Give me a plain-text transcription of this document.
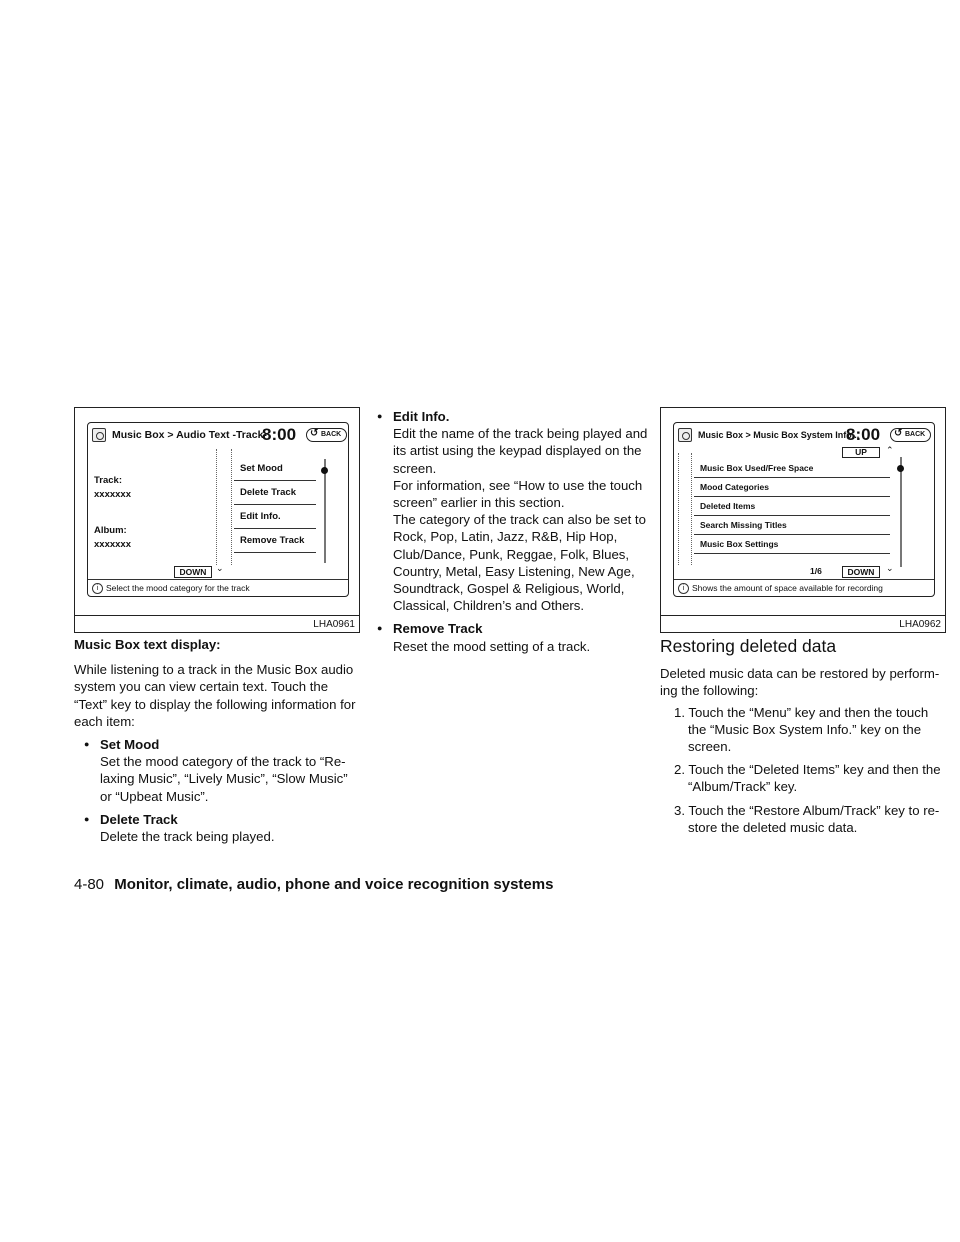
Music Box > Audio Text -Track-
8:00	↺ BACK
Track:
xxxxxxx
Album:
xxxxxxx
Set Mood
Delete Track
Edit Info.
Remove Track
DOWN	⌄
i Select the mood category for the track
LHA0961
Music Box > Music Box System Info...
8:00	↺ BACK
UP	⌃
Music Box Used/Free Space
Mood Categories
Deleted Items
Search Missing Titles
Music Box Settings
1/6	DOWN	⌄
i Shows the amount of space available for recording
LHA0962
Music Box text display:
While listening to a track in the Music Box audio system you can view certain text. Touch the “Text” key to display the following information for each item:
● Set Mood
Set the mood category of the track to “Re-laxing Music”, “Lively Music”, “Slow Music” or “Upbeat Music”.
● Delete Track
Delete the track being played.
● Edit Info.
Edit the name of the track being played and its artist using the keypad displayed on the screen.
For information, see “How to use the touch screen” earlier in this section.
The category of the track can also be set to Rock, Pop, Latin, Jazz, R&B, Hip Hop, Club/Dance, Punk, Reggae, Folk, Blues, Country, Metal, Easy Listening, New Age, Soundtrack, Gospel & Religious, World, Classical, Children’s and Others.
● Remove Track
Reset the mood setting of a track.	Restoring deleted data
Deleted music data can be restored by perform-ing the following:
1. Touch the “Menu” key and then the touch the “Music Box System Info.” key on the screen.
2. Touch the “Deleted Items” key and then the “Album/Track” key.
3. Touch the “Restore Album/Track” key to re-store the deleted music data.
4-80 Monitor, climate, audio, phone and voice recognition systems
